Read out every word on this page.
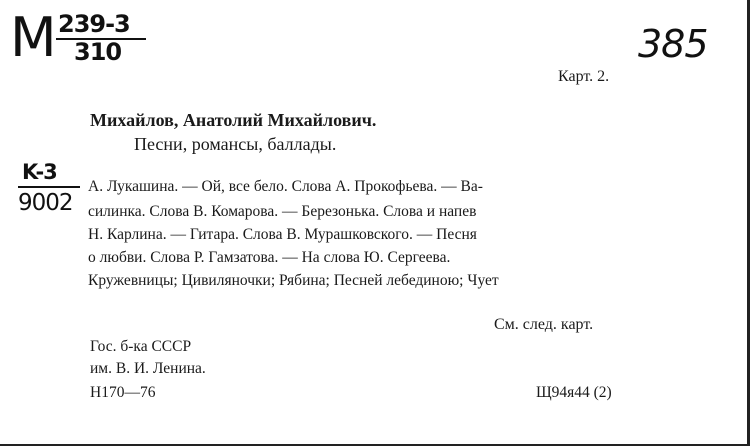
M 239-3
310	385
Карт. 2.
Михайлов, Анатолий Михайлович.
Песни, романсы, баллады.
K-3
9002
А. Лукашина. — Ой, все бело. Слова А. Прокофьева. — Ва-
силинка. Слова В. Комарова. — Березонька. Слова и напев
Н. Карлина. — Гитара. Слова В. Мурашковского. — Песня
о любви. Слова Р. Гамзатова. — На слова Ю. Сергеева.
Кружевницы; Цивиляночки; Рябина; Песней лебединою; Чует
См. след. карт.
Гос. б-ка СССР
им. В. И. Ленина.
Н170—76	Щ94я44 (2)
